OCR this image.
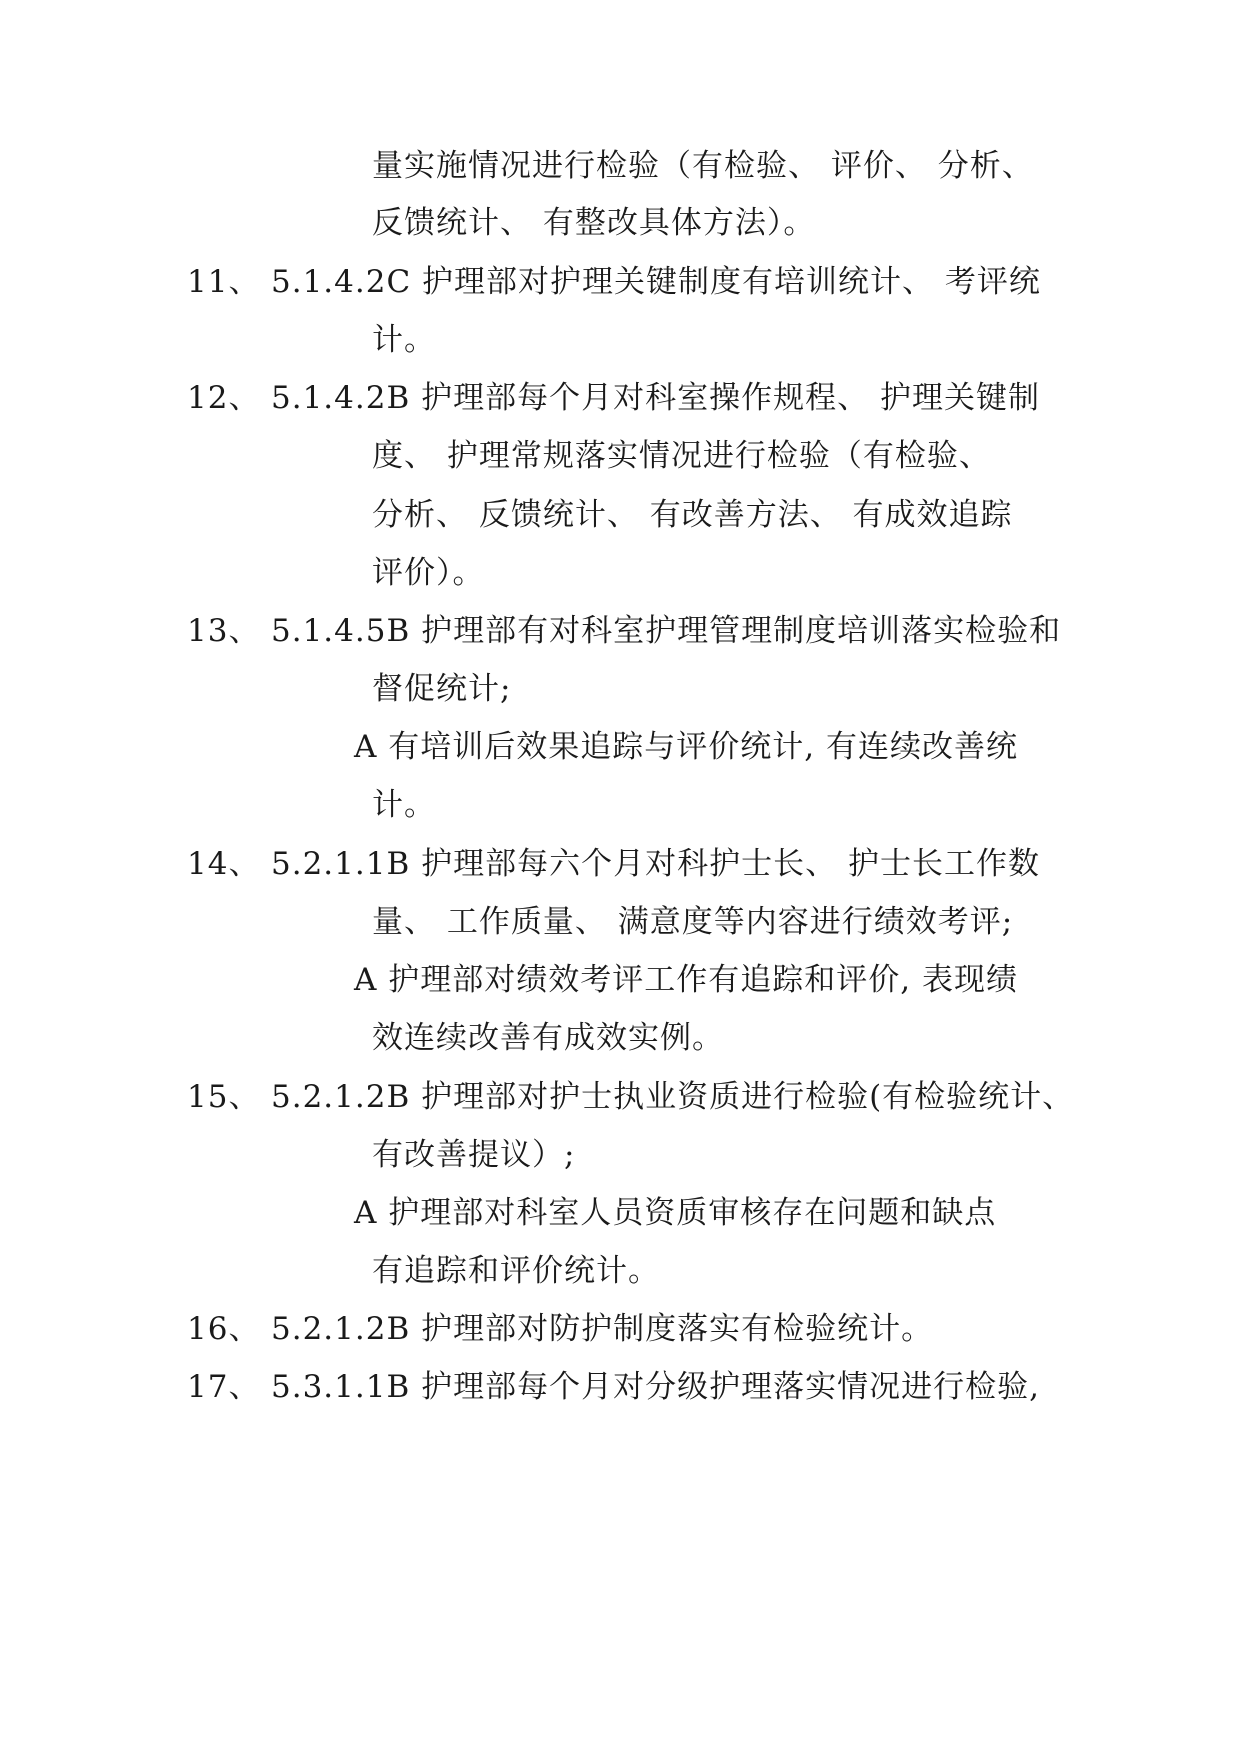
量实施情况进行检验（有检验、 评价、 分析、
反馈统计、 有整改具体方法）。
11、 5.1.4.2C 护理部对护理关键制度有培训统计、 考评统
计。
12、 5.1.4.2B 护理部每个月对科室操作规程、 护理关键制
度、 护理常规落实情况进行检验（有检验、
分析、 反馈统计、 有改善方法、 有成效追踪
评价）。
13、 5.1.4.5B 护理部有对科室护理管理制度培训落实检验和
督促统计;
A 有培训后效果追踪与评价统计, 有连续改善统
计。
14、 5.2.1.1B 护理部每六个月对科护士长、 护士长工作数
量、 工作质量、 满意度等内容进行绩效考评;
A 护理部对绩效考评工作有追踪和评价, 表现绩
效连续改善有成效实例。
15、 5.2.1.2B 护理部对护士执业资质进行检验(有检验统计、
有改善提议）;
A 护理部对科室人员资质审核存在问题和缺点
有追踪和评价统计。
16、 5.2.1.2B 护理部对防护制度落实有检验统计。
17、 5.3.1.1B 护理部每个月对分级护理落实情况进行检验,
